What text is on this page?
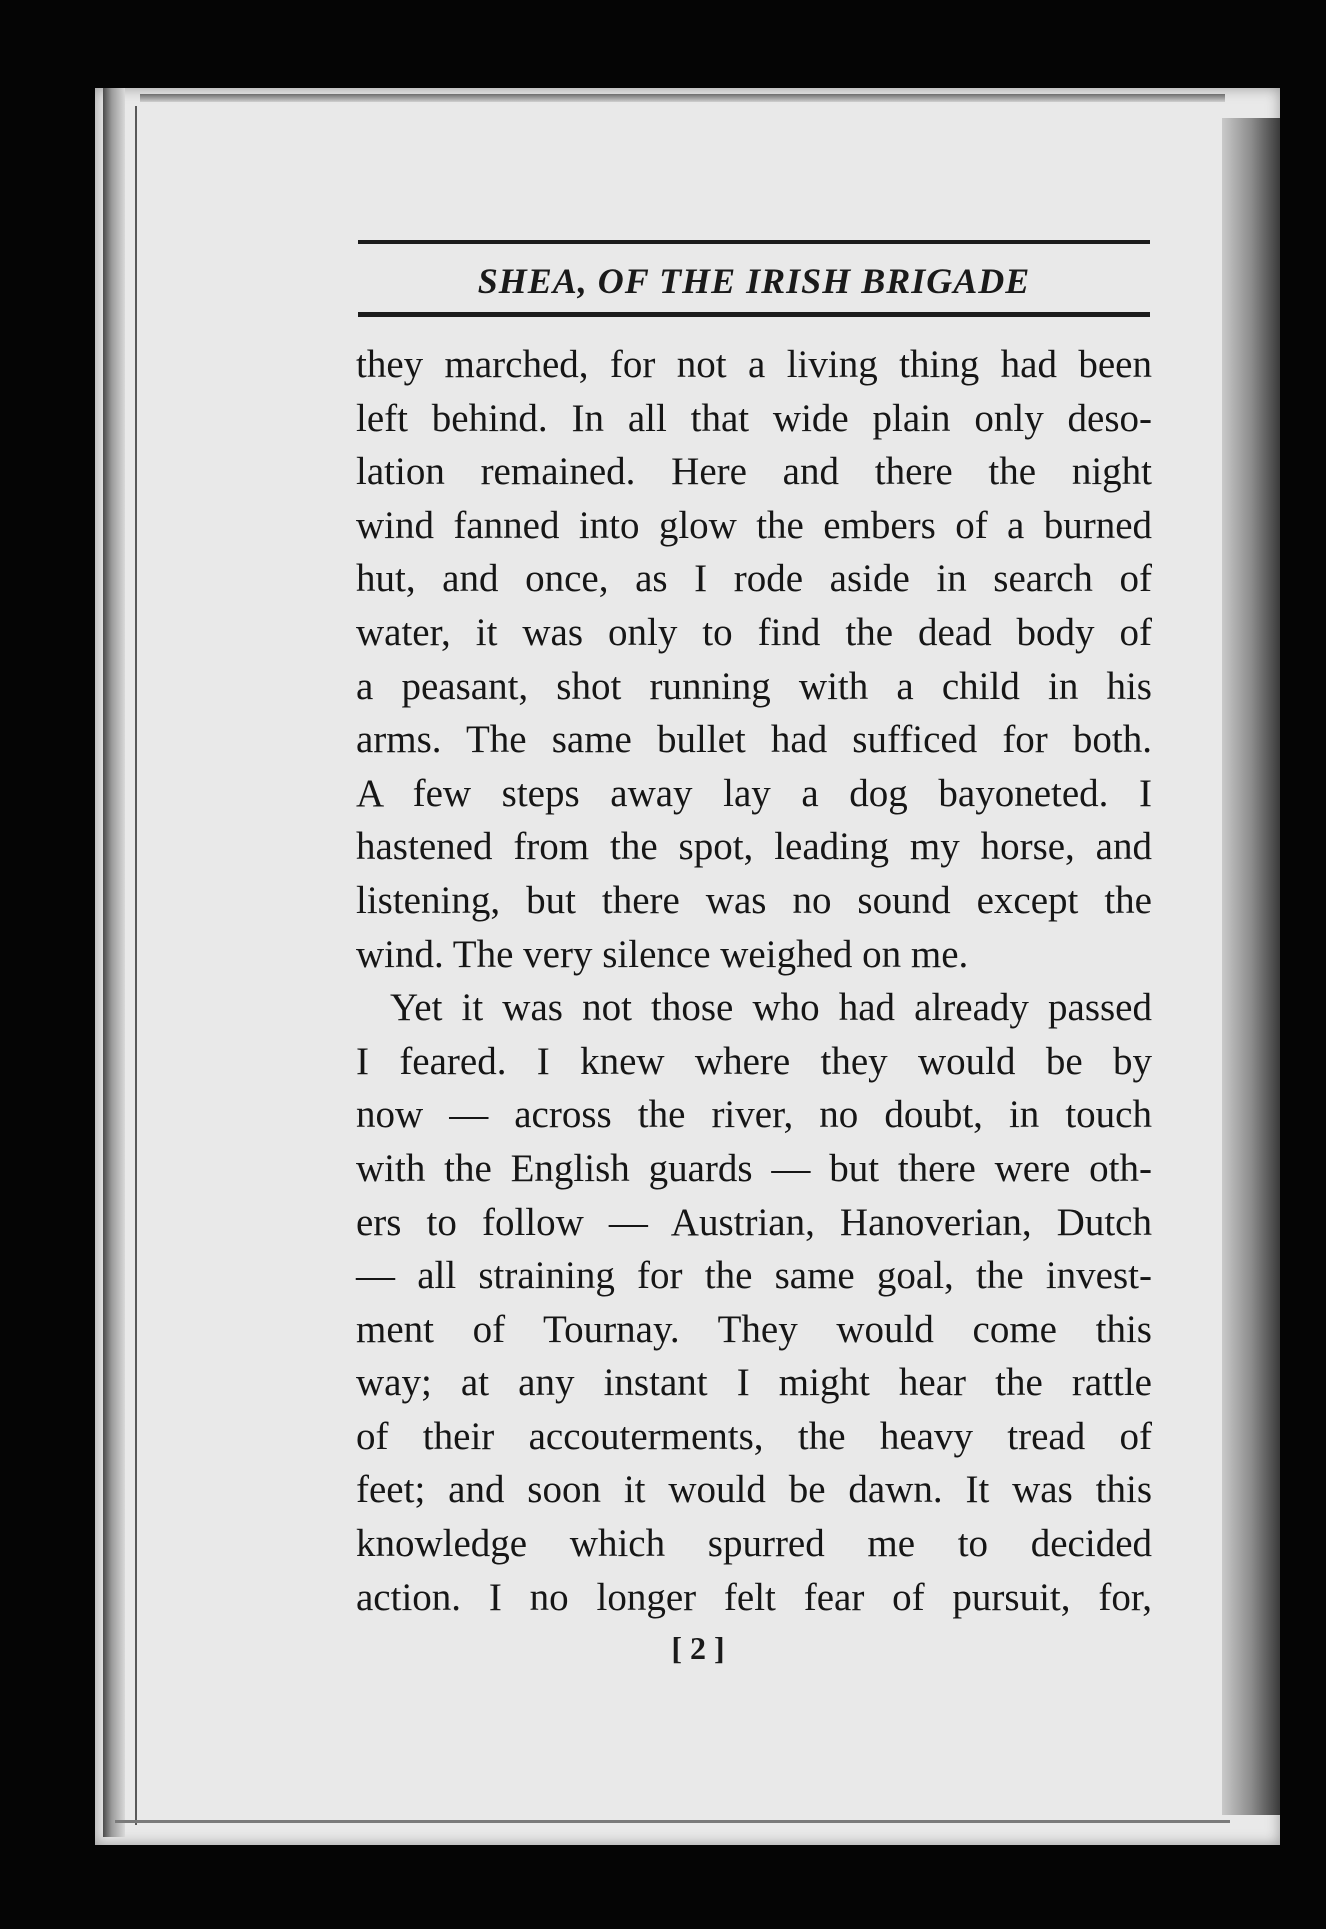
SHEA, OF THE IRISH BRIGADE
they marched, for not a living thing had been
left behind. In all that wide plain only deso-
lation remained. Here and there the night
wind fanned into glow the embers of a burned
hut, and once, as I rode aside in search of
water, it was only to find the dead body of
a peasant, shot running with a child in his
arms. The same bullet had sufficed for both.
A few steps away lay a dog bayoneted. I
hastened from the spot, leading my horse, and
listening, but there was no sound except the
wind. The very silence weighed on me.
Yet it was not those who had already passed
I feared. I knew where they would be by
now — across the river, no doubt, in touch
with the English guards — but there were oth-
ers to follow — Austrian, Hanoverian, Dutch
— all straining for the same goal, the invest-
ment of Tournay. They would come this
way; at any instant I might hear the rattle
of their accouterments, the heavy tread of
feet; and soon it would be dawn. It was this
knowledge which spurred me to decided
action. I no longer felt fear of pursuit, for,
[ 2 ]
